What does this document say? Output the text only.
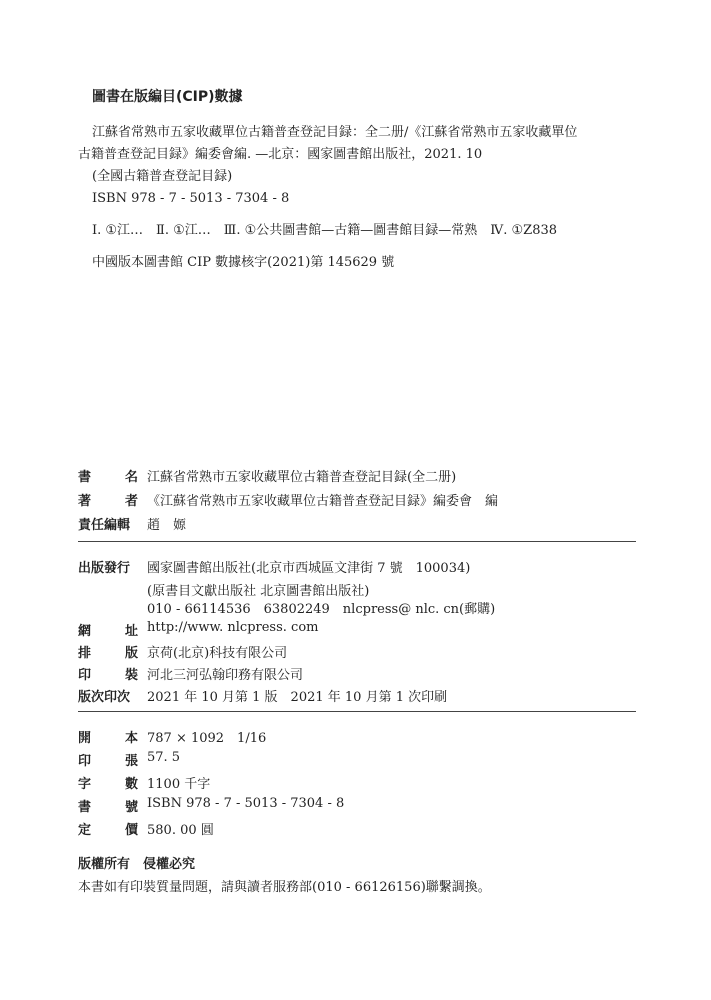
圖書在版編目(CIP)數據
江蘇省常熟市五家收藏單位古籍普查登記目録：全二册/《江蘇省常熟市五家收藏單位
古籍普查登記目録》編委會編. —北京：國家圖書館出版社，2021. 10
(全國古籍普查登記目録)
ISBN 978 - 7 - 5013 - 7304 - 8
Ⅰ. ①江…　Ⅱ. ①江…　Ⅲ. ①公共圖書館—古籍—圖書館目録—常熟　Ⅳ. ①Z838
中國版本圖書館 CIP 數據核字(2021)第 145629 號
書	名 江蘇省常熟市五家收藏單位古籍普查登記目録(全二册)
著	者 《江蘇省常熟市五家收藏單位古籍普查登記目録》編委會　編
責任編輯 趙　嫄
出版發行 國家圖書館出版社(北京市西城區文津街 7 號　100034)
(原書目文獻出版社 北京圖書館出版社)
010 - 66114536　63802249　nlcpress@ nlc. cn(郵購)
網	址 http://www. nlcpress. com
排	版 京荷(北京)科技有限公司
印	裝 河北三河弘翰印務有限公司
版次印次 2021 年 10 月第 1 版　2021 年 10 月第 1 次印刷
開	本 787 × 1092　1/16
印	張 57. 5
字	數 1100 千字
書	號 ISBN 978 - 7 - 5013 - 7304 - 8
定	價 580. 00 圓
版權所有　侵權必究
本書如有印裝質量問題，請與讀者服務部(010 - 66126156)聯繫調換。
